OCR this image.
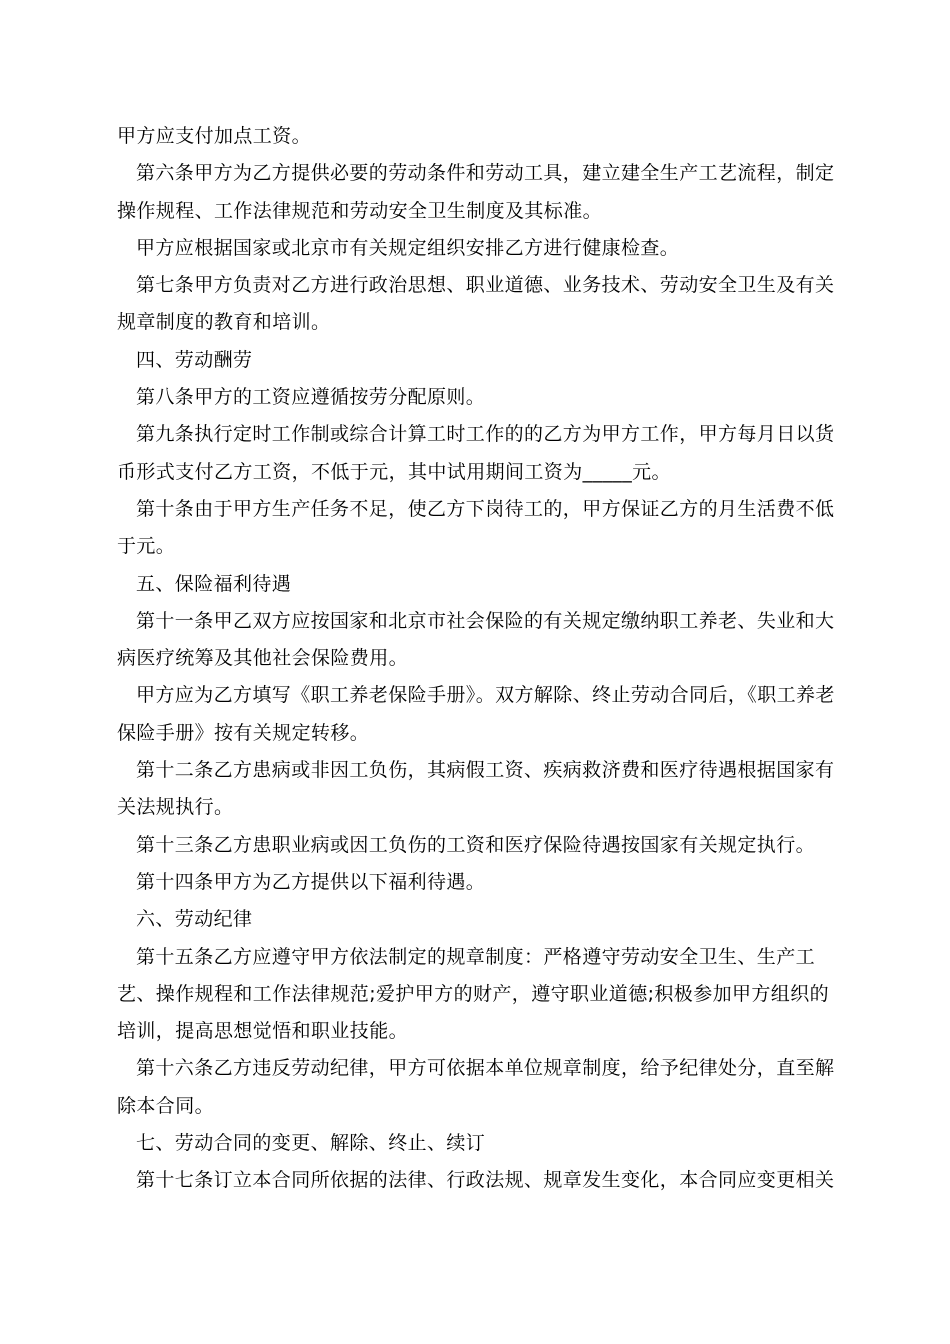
甲方应支付加点工资。

第六条甲方为乙方提供必要的劳动条件和劳动工具，建立建全生产工艺流程，制定操作规程、工作法律规范和劳动安全卫生制度及其标准。

甲方应根据国家或北京市有关规定组织安排乙方进行健康检查。

第七条甲方负责对乙方进行政治思想、职业道德、业务技术、劳动安全卫生及有关规章制度的教育和培训。

四、劳动酬劳

第八条甲方的工资应遵循按劳分配原则。

第九条执行定时工作制或综合计算工时工作的的乙方为甲方工作，甲方每月日以货币形式支付乙方工资，不低于元，其中试用期间工资为_____元。

第十条由于甲方生产任务不足，使乙方下岗待工的，甲方保证乙方的月生活费不低于元。

五、保险福利待遇

第十一条甲乙双方应按国家和北京市社会保险的有关规定缴纳职工养老、失业和大病医疗统筹及其他社会保险费用。

甲方应为乙方填写《职工养老保险手册》。双方解除、终止劳动合同后，《职工养老保险手册》按有关规定转移。

第十二条乙方患病或非因工负伤，其病假工资、疾病救济费和医疗待遇根据国家有关法规执行。

第十三条乙方患职业病或因工负伤的工资和医疗保险待遇按国家有关规定执行。

第十四条甲方为乙方提供以下福利待遇。

六、劳动纪律

第十五条乙方应遵守甲方依法制定的规章制度：严格遵守劳动安全卫生、生产工艺、操作规程和工作法律规范;爱护甲方的财产，遵守职业道德;积极参加甲方组织的培训，提高思想觉悟和职业技能。

第十六条乙方违反劳动纪律，甲方可依据本单位规章制度，给予纪律处分，直至解除本合同。

七、劳动合同的变更、解除、终止、续订

第十七条订立本合同所依据的法律、行政法规、规章发生变化，本合同应变更相关
